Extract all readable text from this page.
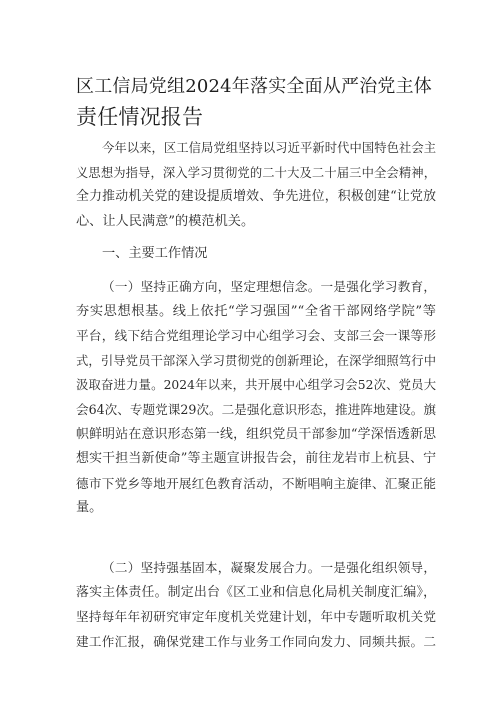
区工信局党组2024年落实全面从严治党主体
责任情况报告
今年以来，区工信局党组坚持以习近平新时代中国特色社会主
义思想为指导，深入学习贯彻党的二十大及二十届三中全会精神，
全力推动机关党的建设提质增效、争先进位，积极创建“让党放
心、让人民满意”的模范机关。
一、主要工作情况
（一）坚持正确方向，坚定理想信念。一是强化学习教育，
夯实思想根基。线上依托“学习强国”“全省干部网络学院”等
平台，线下结合党组理论学习中心组学习会、支部三会一课等形
式，引导党员干部深入学习贯彻党的创新理论，在深学细照笃行中
汲取奋进力量。2024年以来，共开展中心组学习会52次、党员大
会64次、专题党课29次。二是强化意识形态，推进阵地建设。旗
帜鲜明站在意识形态第一线，组织党员干部参加“学深悟透新思
想实干担当新使命”等主题宣讲报告会，前往龙岩市上杭县、宁
德市下党乡等地开展红色教育活动，不断唱响主旋律、汇聚正能
量。
（二）坚持强基固本，凝聚发展合力。一是强化组织领导，
落实主体责任。制定出台《区工业和信息化局机关制度汇编》，
坚持每年年初研究审定年度机关党建计划，年中专题听取机关党
建工作汇报，确保党建工作与业务工作同向发力、同频共振。二
